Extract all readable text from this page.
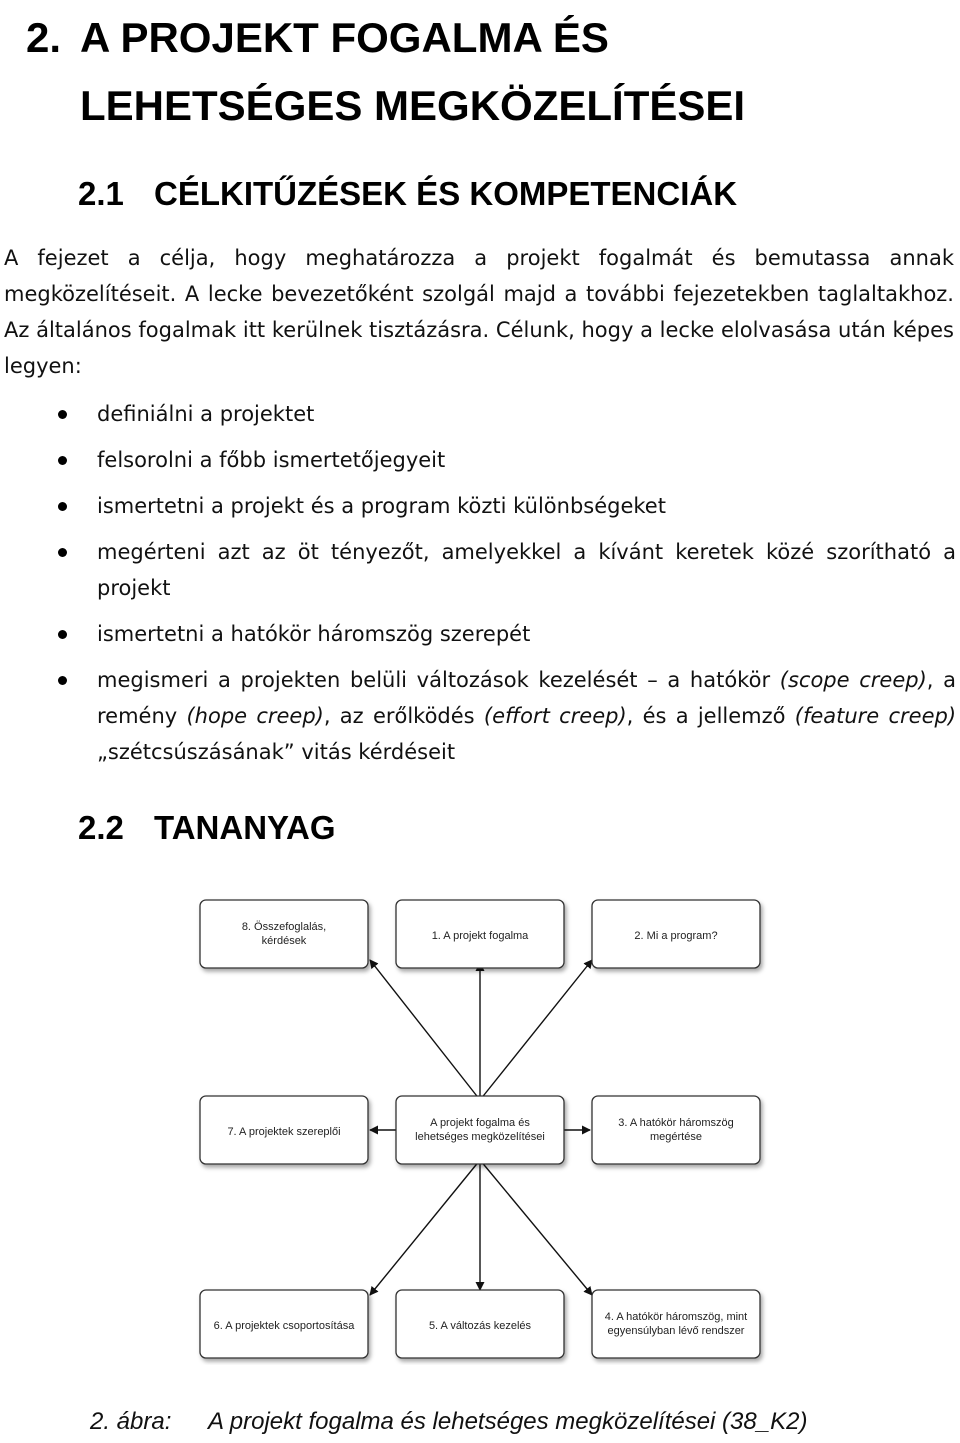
2. A PROJEKT FOGALMA ÉS
LEHETSÉGES MEGKÖZELÍTÉSEI
2.1 CÉLKITŰZÉSEK ÉS KOMPETENCIÁK

A fejezet a célja, hogy meghatározza a projekt fogalmát és bemutassa annak megközelítéseit. A lecke bevezetőként szolgál majd a további fejezetekben taglaltakhoz. Az általános fogalmak itt kerülnek tisztázásra. Célunk, hogy a lecke elolvasása után képes legyen:

definiálni a projektet
felsorolni a főbb ismertetőjegyeit
ismertetni a projekt és a program közti különbségeket
megérteni azt az öt tényezőt, amelyekkel a kívánt keretek közé szorítható a projekt
ismertetni a hatókör háromszög szerepét
megismeri a projekten belüli változások kezelését – a hatókör (scope creep), a remény (hope creep), az erőlködés (effort creep), és a jellemző (feature creep) „szétcsúszásának” vitás kérdéseit
2.2 TANANYAG
8. Összefoglalás,
kérdések	1. A projekt fogalma	2. Mi a program?
7. A projektek szereplői
A projekt fogalma és
lehetséges megközelítései
3. A hatókör háromszög
megértése
6. A projektek csoportosítása	5. A változás kezelés
4. A hatókör háromszög, mint
egyensúlyban lévő rendszer

2. ábra: A projekt fogalma és lehetséges megközelítései (38_K2)
